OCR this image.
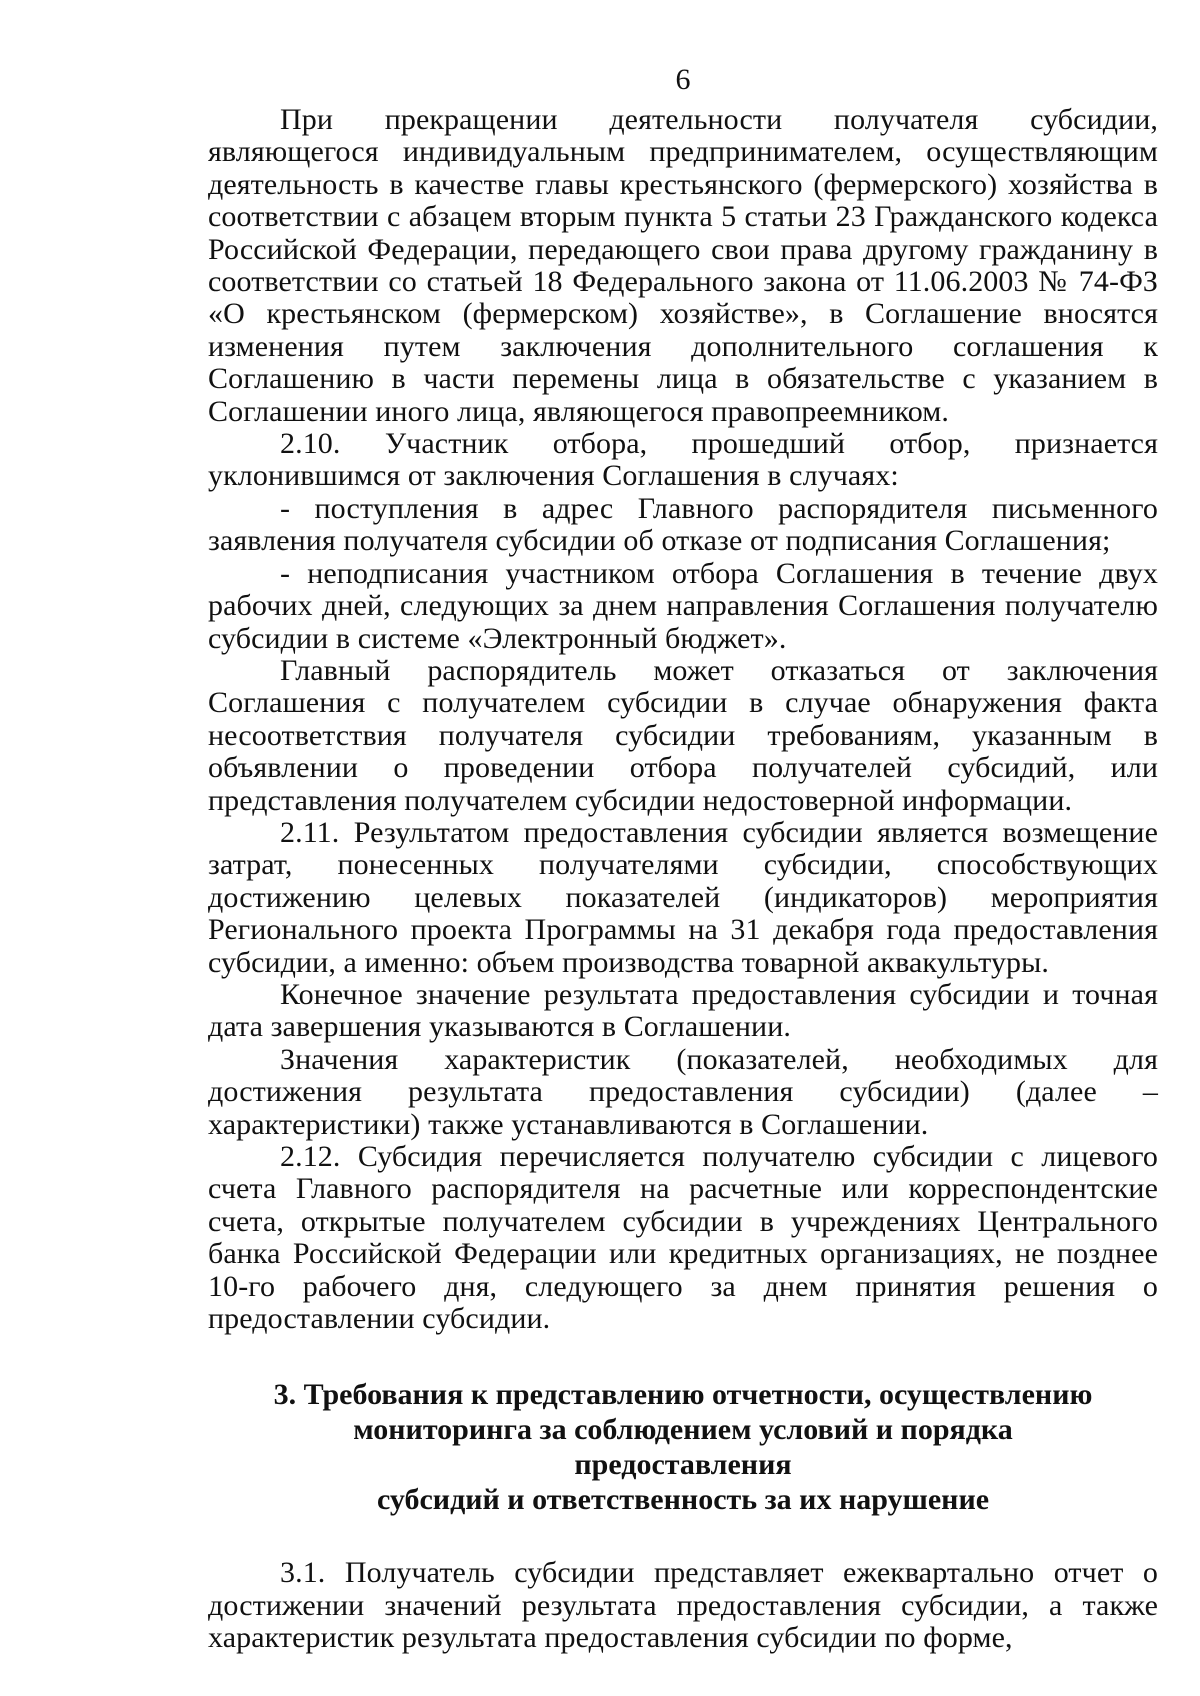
6

При прекращении деятельности получателя субсидии, являющегося индивидуальным предпринимателем, осуществляющим деятельность в качестве главы крестьянского (фермерского) хозяйства в соответствии с абзацем вторым пункта 5 статьи 23 Гражданского кодекса Российской Федерации, передающего свои права другому гражданину в соответствии со статьей 18 Федерального закона от 11.06.2003 № 74-ФЗ «О крестьянском (фермерском) хозяйстве», в Соглашение вносятся изменения путем заключения дополнительного соглашения к Соглашению в части перемены лица в обязательстве с указанием в Соглашении иного лица, являющегося правопреемником.

2.10. Участник отбора, прошедший отбор, признается уклонившимся от заключения Соглашения в случаях:

- поступления в адрес Главного распорядителя письменного заявления получателя субсидии об отказе от подписания Соглашения;

- неподписания участником отбора Соглашения в течение двух рабочих дней, следующих за днем направления Соглашения получателю субсидии в системе «Электронный бюджет».

Главный распорядитель может отказаться от заключения Соглашения с получателем субсидии в случае обнаружения факта несоответствия получателя субсидии требованиям, указанным в объявлении о проведении отбора получателей субсидий, или представления получателем субсидии недостоверной информации.

2.11. Результатом предоставления субсидии является возмещение затрат, понесенных получателями субсидии, способствующих достижению целевых показателей (индикаторов) мероприятия Регионального проекта Программы на 31 декабря года предоставления субсидии, а именно: объем производства товарной аквакультуры.

Конечное значение результата предоставления субсидии и точная дата завершения указываются в Соглашении.

Значения характеристик (показателей, необходимых для достижения результата предоставления субсидии) (далее – характеристики) также устанавливаются в Соглашении.

2.12. Субсидия перечисляется получателю субсидии с лицевого счета Главного распорядителя на расчетные или корреспондентские счета, открытые получателем субсидии в учреждениях Центрального банка Российской Федерации или кредитных организациях, не позднее 10-го рабочего дня, следующего за днем принятия решения о предоставлении субсидии.

3. Требования к представлению отчетности, осуществлению
мониторинга за соблюдением условий и порядка предоставления
субсидий и ответственность за их нарушение

3.1. Получатель субсидии представляет ежеквартально отчет о достижении значений результата предоставления субсидии, а также характеристик результата предоставления субсидии по форме,
